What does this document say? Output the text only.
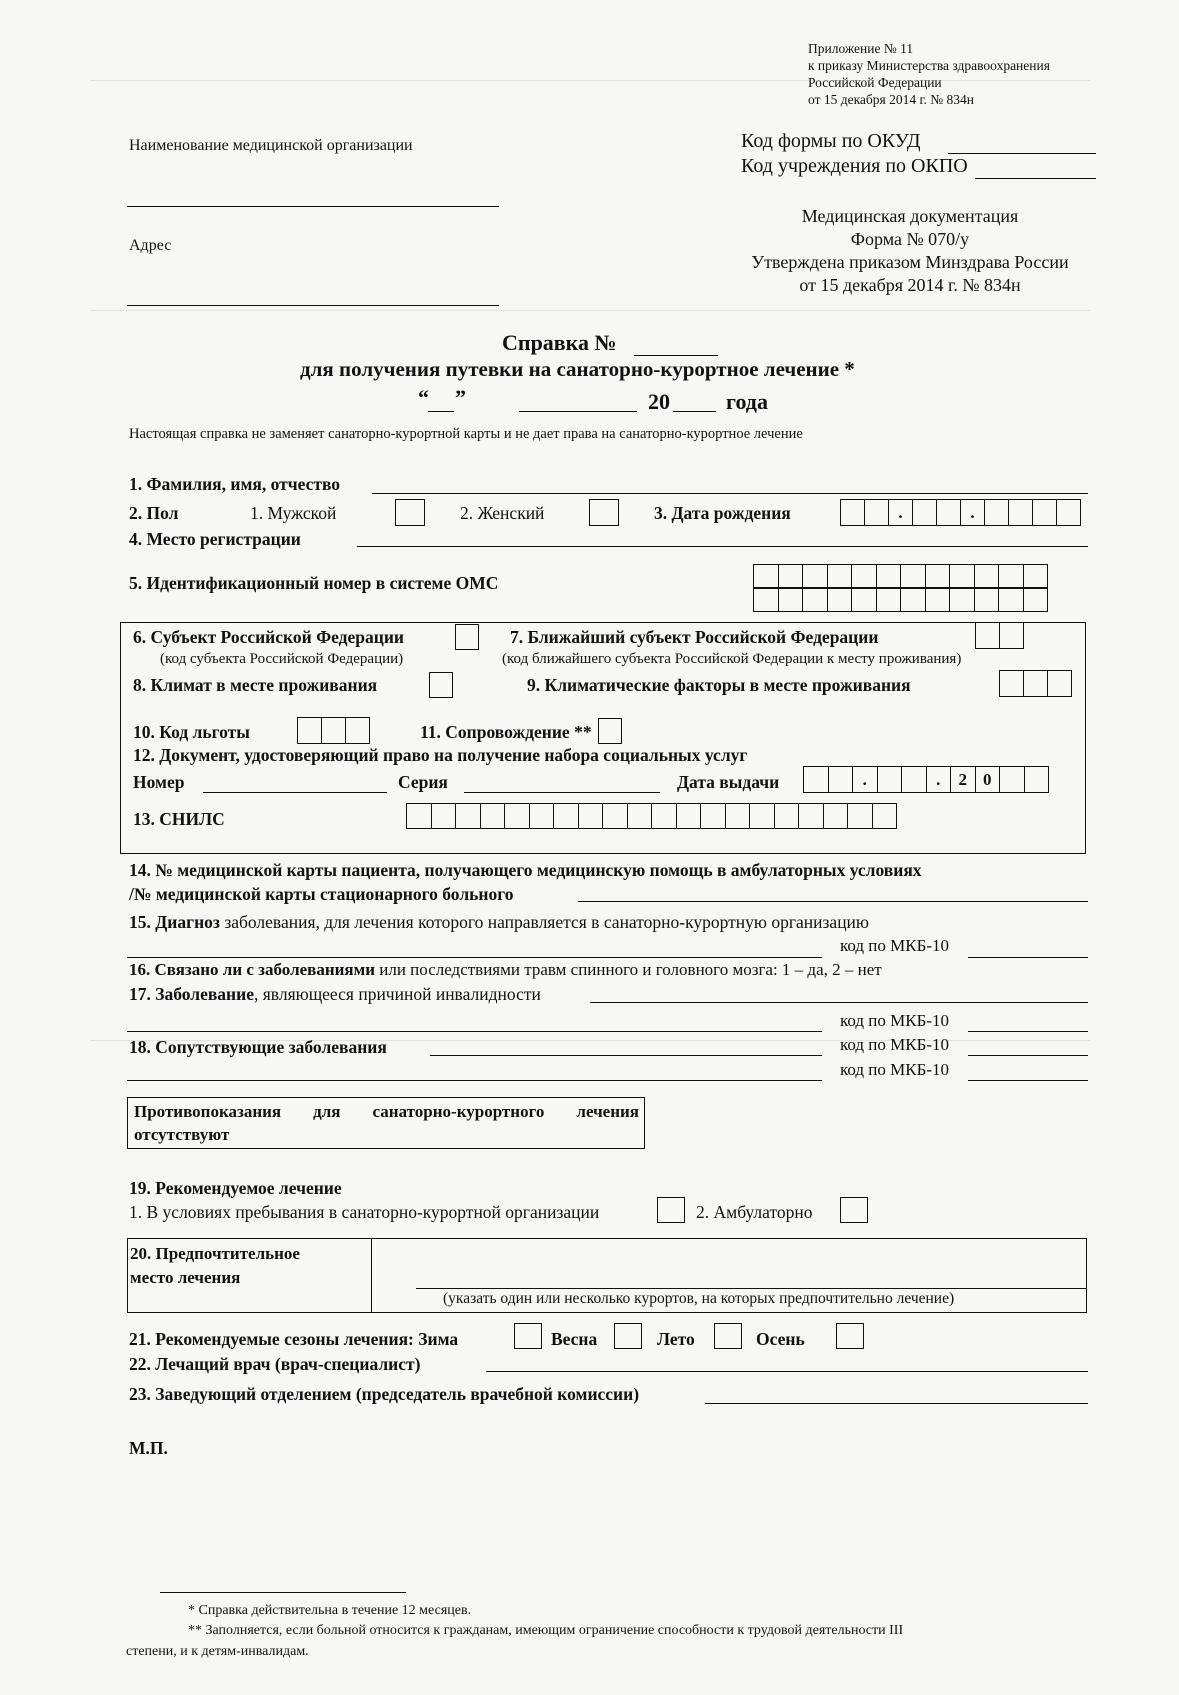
Приложение № 11
к приказу Министерства здравоохранения
Российской Федерации
от 15 декабря 2014 г. № 834н
Код формы по ОКУД
Код учреждения по ОКПО
Наименование медицинской организации
Адрес
Медицинская документация
Форма № 070/у
Утверждена приказом Минздрава России
от 15 декабря 2014 г. № 834н
Справка №
для получения путевки на санаторно-курортное лечение *
“ ”	20	года
Настоящая справка не заменяет санаторно-курортной карты и не дает права на санаторно-курортное лечение
1. Фамилия, имя, отчество
2. Пол	1. Мужской	2. Женский	3. Дата рождения	.	.
4. Место регистрации
5. Идентификационный номер в системе ОМС
6. Субъект Российской Федерации
(код субъекта Российской Федерации)
7. Ближайший субъект Российской Федерации
(код ближайшего субъекта Российской Федерации к месту проживания)
8. Климат в месте проживания	9. Климатические факторы в месте проживания
10. Код льготы	11. Сопровождение **
12. Документ, удостоверяющий право на получение набора социальных услуг
Номер	Серия	Дата выдачи	.	.	2 0
13. СНИЛС
14. № медицинской карты пациента, получающего медицинскую помощь в амбулаторных условиях
/№ медицинской карты стационарного больного
15. Диагноз заболевания, для лечения которого направляется в санаторно-курортную организацию
код по МКБ-10
16. Связано ли с заболеваниями или последствиями травм спинного и головного мозга: 1 – да, 2 – нет
17. Заболевание, являющееся причиной инвалидности
код по МКБ-10
18. Сопутствующие заболевания	код по МКБ-10
код по МКБ-10
Противопоказания для санаторно-курортного лечения
отсутствуют
19. Рекомендуемое лечение
1. В условиях пребывания в санаторно-курортной организации	2. Амбулаторно
20. Предпочтительное
место лечения
(указать один или несколько курортов, на которых предпочтительно лечение)
21. Рекомендуемые сезоны лечения: Зима	Весна	Лето	Осень
22. Лечащий врач (врач-специалист)
23. Заведующий отделением (председатель врачебной комиссии)
М.П.
* Справка действительна в течение 12 месяцев.
** Заполняется, если больной относится к гражданам, имеющим ограничение способности к трудовой деятельности III
степени, и к детям-инвалидам.
